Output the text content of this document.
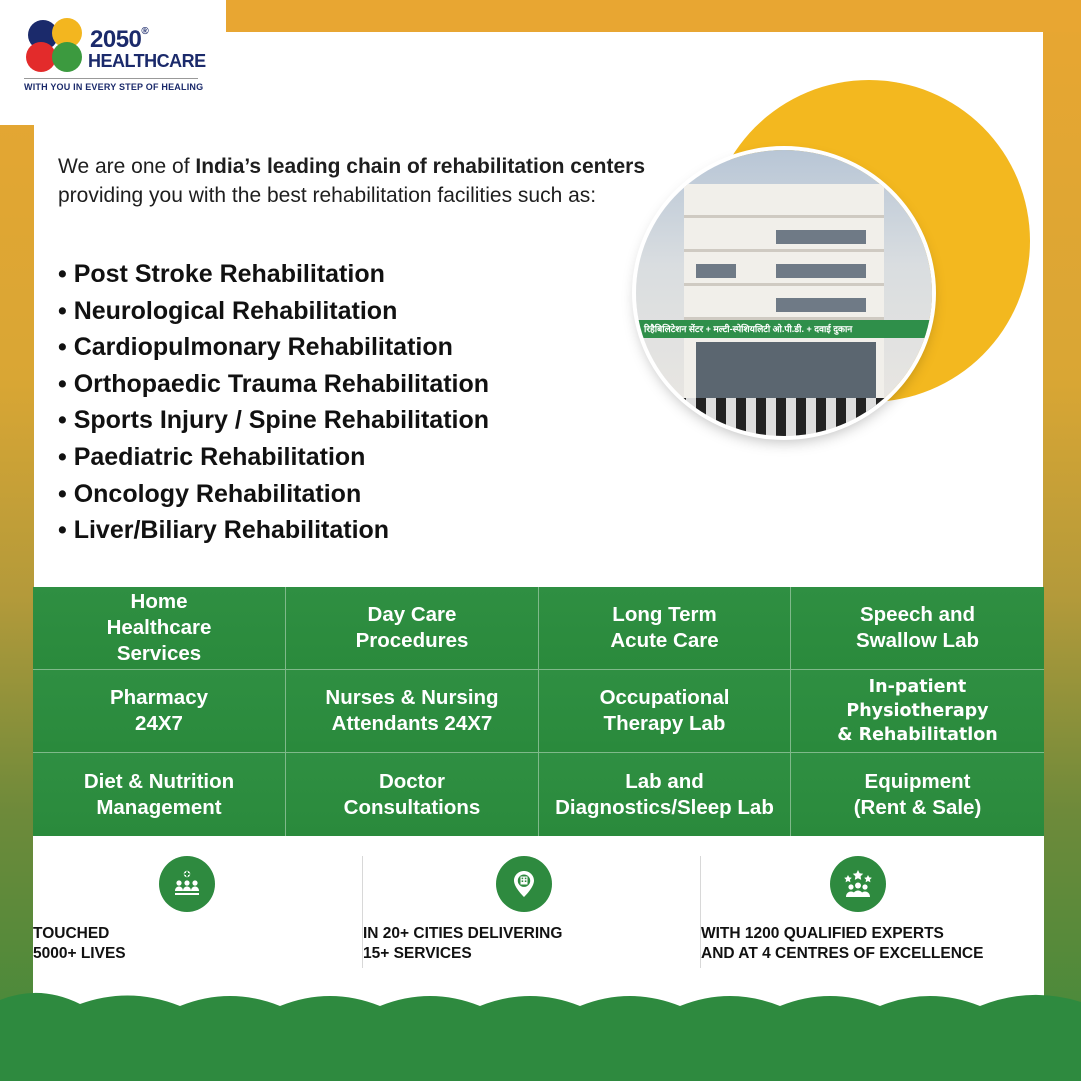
2050®
HEALTHCARE
WITH YOU IN EVERY STEP OF HEALING
रिहैबिलिटेशन सेंटर + मल्टी-स्पेशियलिटी ओ.पी.डी. + दवाई दुकान
We are one of India’s leading chain of rehabilitation centers providing you with the best rehabilitation facilities such as:
• Post Stroke Rehabilitation
• Neurological Rehabilitation
• Cardiopulmonary Rehabilitation
• Orthopaedic Trauma Rehabilitation
• Sports Injury / Spine Rehabilitation
• Paediatric Rehabilitation
• Oncology Rehabilitation
• Liver/Biliary Rehabilitation
Home
Healthcare
Services
Day Care
Procedures
Long Term
Acute Care
Speech and
Swallow Lab
Pharmacy
24X7
Nurses & Nursing
Attendants 24X7
Occupational
Therapy Lab
In-patient Physiotherapy
& Rehabilitatlon
Diet & Nutrition
Management
Doctor
Consultations
Lab and
Diagnostics/Sleep Lab
Equipment
(Rent & Sale)
TOUCHED
5000+ LIVES
IN 20+ CITIES DELIVERING
15+ SERVICES
WITH 1200 QUALIFIED EXPERTS
AND AT 4 CENTRES OF EXCELLENCE
